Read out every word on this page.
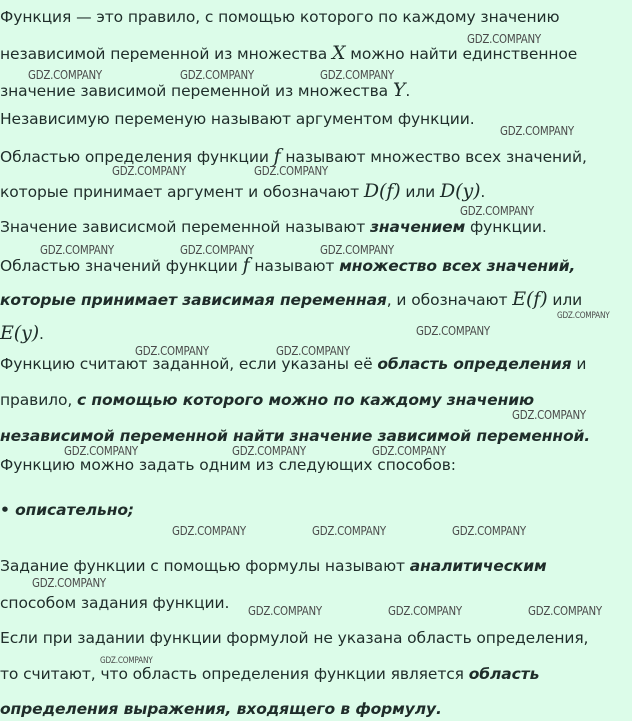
Функция — это правило, с помощью которого по каждому значению
независимой переменной из множества X можно найти единственное
значение зависимой переменной из множества Y.
Независимую переменую называют аргументом функции.
Областью определения функции f называют множество всех значений,
которые принимает аргумент и обозначают D(f) или D(y).
Значение зависисмой переменной называют значением функции.
Областью значений функции f называют множество всех значений,
которые принимает зависимая переменная, и обозначают E(f) или
E(y).
Функцию считают заданной, если указаны её область определения и
правило, с помощью которого можно по каждому значению
независимой переменной найти значение зависимой переменной.
Функцию можно задать одним из следующих способов:
• описательно;
Задание функции с помощью формулы называют аналитическим
способом задания функции.
Если при задании функции формулой не указана область определения,
то считают, что область определения функции является область
определения выражения, входящего в формулу.
GDZ.COMPANY
GDZ.COMPANY	GDZ.COMPANY	GDZ.COMPANY
GDZ.COMPANY
GDZ.COMPANY	GDZ.COMPANY
GDZ.COMPANY
GDZ.COMPANY	GDZ.COMPANY	GDZ.COMPANY
GDZ.COMPANY
GDZ.COMPANY
GDZ.COMPANY	GDZ.COMPANY
GDZ.COMPANY
GDZ.COMPANY	GDZ.COMPANY	GDZ.COMPANY
GDZ.COMPANY	GDZ.COMPANY	GDZ.COMPANY
GDZ.COMPANY
GDZ.COMPANY	GDZ.COMPANY	GDZ.COMPANY
GDZ.COMPANY
